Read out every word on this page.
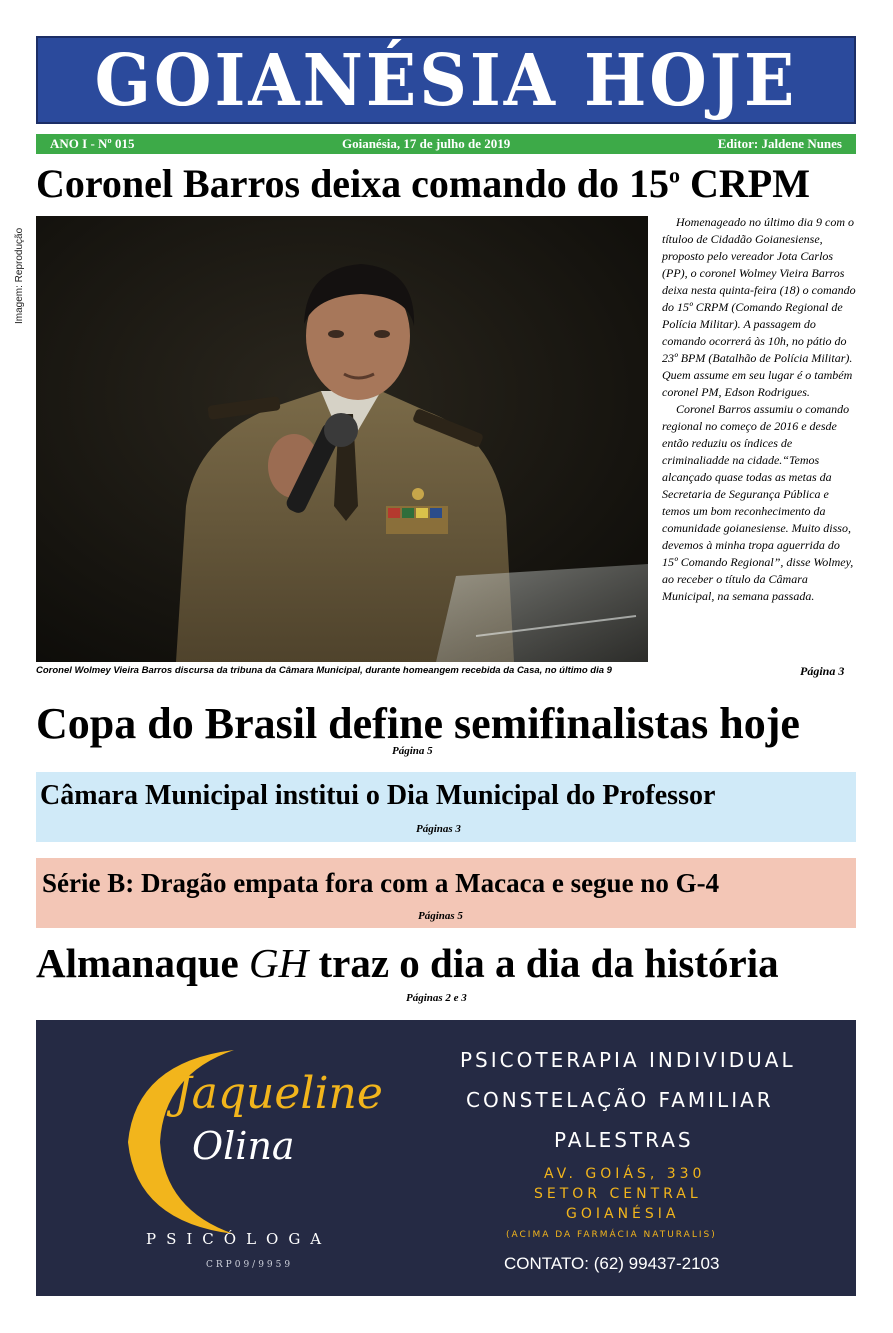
GOIANÉSIA HOJE
ANO I - Nº 015	Goianésia, 17 de julho de 2019	Editor: Jaldene Nunes
Coronel Barros deixa comando do 15$^o$ CRPM
Imagem: Reprodução
Coronel Wolmey Vieira Barros discursa da tribuna da Câmara Municipal, durante homeangem recebida da Casa, no último dia 9

Homenageado no último dia 9 com o títuloo de Cidadão Goianesiense, proposto pelo vereador Jota Carlos (PP), o coronel Wolmey Vieira Barros deixa nesta quinta-feira (18) o comando do 15º CRPM (Comando Regional de Polícia Militar). A passagem do comando ocorrerá às 10h, no pátio do 23º BPM (Batalhão de Polícia Militar). Quem assume em seu lugar é o também coronel PM, Edson Rodrigues.

Coronel Barros assumiu o comando regional no começo de 2016 e desde então reduziu os índices de criminaliadde na cidade.“Temos alcançado quase todas as metas da Secretaria de Segurança Pública e temos um bom reconhecimento da comunidade goianesiense. Muito disso, devemos à minha tropa aguerrida do 15º Comando Regional”, disse Wolmey, ao receber o título da Câmara Municipal, na semana passada.

Página 3
Copa do Brasil define semifinalistas hoje
Página 5
Câmara Municipal institui o Dia Municipal do Professor
Páginas 3
Série B: Dragão empata fora com a Macaca e segue no G-4
Páginas 5
Almanaque GH traz o dia a dia da história
Páginas 2 e 3
Jaqueline
Olina
PSICÓLOGA
CRP09/9959
PSICOTERAPIA INDIVIDUAL
CONSTELAÇÃO FAMILIAR
PALESTRAS
AV. GOIÁS, 330
SETOR CENTRAL
GOIANÉSIA
(ACIMA DA FARMÁCIA NATURALIS)
CONTATO: (62) 99437-2103
